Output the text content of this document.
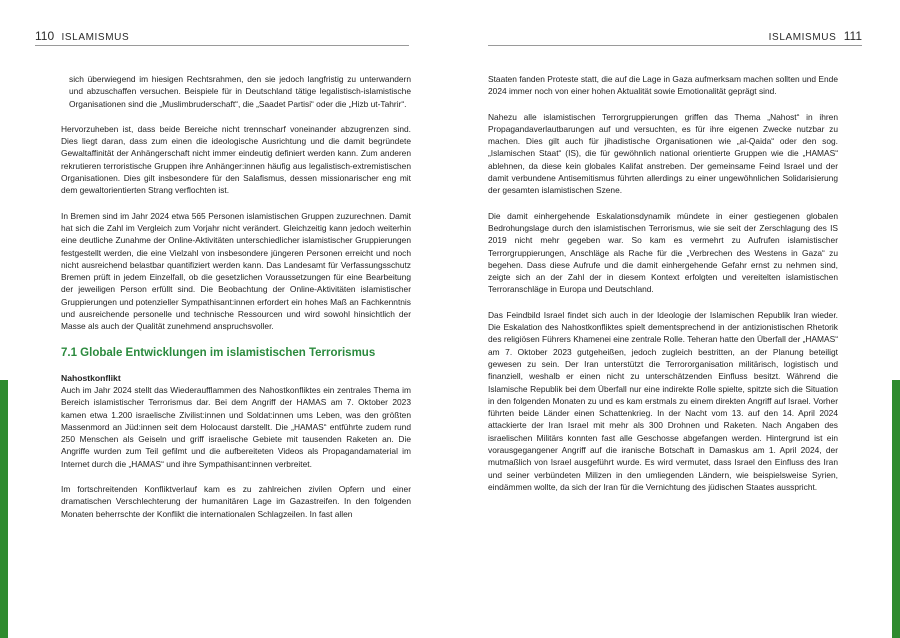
110 ISLAMISMUS

sich überwiegend im hiesigen Rechtsrahmen, den sie jedoch langfristig zu unterwandern und abzuschaffen versuchen. Beispiele für in Deutschland tätige legalistisch-islamistische Organisationen sind die „Muslimbruderschaft“, die „Saadet Partisi“ oder die „Hizb ut-Tahrir“.

Hervorzuheben ist, dass beide Bereiche nicht trennscharf voneinander abzugrenzen sind. Dies liegt daran, dass zum einen die ideologische Ausrichtung und die damit begründete Gewaltaffinität der Anhängerschaft nicht immer eindeutig definiert werden kann. Zum anderen rekrutieren terroristische Gruppen ihre Anhänger:innen häufig aus legalistisch-extremistischen Organisationen. Dies gilt insbesondere für den Salafismus, dessen missionarischer eng mit dem gewaltorientierten Strang verflochten ist.

In Bremen sind im Jahr 2024 etwa 565 Personen islamistischen Gruppen zuzurechnen. Damit hat sich die Zahl im Vergleich zum Vorjahr nicht verändert. Gleichzeitig kann jedoch weiterhin eine deutliche Zunahme der Online-Aktivitäten unterschiedlicher islamistischer Gruppierungen festgestellt werden, die eine Vielzahl von insbesondere jüngeren Personen erreicht und noch nicht ausreichend belastbar quantifiziert werden kann. Das Landesamt für Verfassungsschutz Bremen prüft in jedem Einzelfall, ob die gesetzlichen Voraussetzungen für eine Bearbeitung der jeweiligen Person erfüllt sind. Die Beobachtung der Online-Aktivitäten islamistischer Gruppierungen und potenzieller Sympathisant:innen erfordert ein hohes Maß an Fachkenntnis und ausreichende personelle und technische Ressourcen und wird sowohl hinsichtlich der Masse als auch der Qualität zunehmend anspruchsvoller.

7.1 Globale Entwicklungen im islamistischen Terrorismus
Nahostkonflikt

Auch im Jahr 2024 stellt das Wiederaufflammen des Nahostkonfliktes ein zentrales Thema im Bereich islamistischer Terrorismus dar. Bei dem Angriff der HAMAS am 7. Oktober 2023 kamen etwa 1.200 israelische Zivilist:innen und Soldat:innen ums Leben, was den größten Massenmord an Jüd:innen seit dem Holocaust darstellt. Die „HAMAS“ entführte zudem rund 250 Menschen als Geiseln und griff israelische Gebiete mit tausenden Raketen an. Die Angriffe wurden zum Teil gefilmt und die aufbereiteten Videos als Propagandamaterial im Internet durch die „HAMAS“ und ihre Sympathisant:innen verbreitet.

Im fortschreitenden Konfliktverlauf kam es zu zahlreichen zivilen Opfern und einer dramatischen Verschlechterung der humanitären Lage im Gazastreifen. In den folgenden Monaten beherrschte der Konflikt die internationalen Schlagzeilen. In fast allen

ISLAMISMUS 111

Staaten fanden Proteste statt, die auf die Lage in Gaza aufmerksam machen sollten und Ende 2024 immer noch von einer hohen Aktualität sowie Emotionalität geprägt sind.

Nahezu alle islamistischen Terrorgruppierungen griffen das Thema „Nahost“ in ihren Propagandaverlautbarungen auf und versuchten, es für ihre eigenen Zwecke nutzbar zu machen. Dies gilt auch für jihadistische Organisationen wie „al-Qaida“ oder den sog. „Islamischen Staat“ (IS), die für gewöhnlich national orientierte Gruppen wie die „HAMAS“ ablehnen, da diese kein globales Kalifat anstreben. Der gemeinsame Feind Israel und der damit verbundene Antisemitismus führten allerdings zu einer ungewöhnlichen Solidarisierung der gesamten islamistischen Szene.

Die damit einhergehende Eskalationsdynamik mündete in einer gestiegenen globalen Bedrohungslage durch den islamistischen Terrorismus, wie sie seit der Zerschlagung des IS 2019 nicht mehr gegeben war. So kam es vermehrt zu Aufrufen islamistischer Terrorgruppierungen, Anschläge als Rache für die „Verbrechen des Westens in Gaza“ zu begehen. Dass diese Aufrufe und die damit einhergehende Gefahr ernst zu nehmen sind, zeigte sich an der Zahl der in diesem Kontext erfolgten und vereitelten islamistischen Terroranschläge in Europa und Deutschland.

Das Feindbild Israel findet sich auch in der Ideologie der Islamischen Republik Iran wieder. Die Eskalation des Nahostkonfliktes spielt dementsprechend in der antizionistischen Rhetorik des religiösen Führers Khamenei eine zentrale Rolle. Teheran hatte den Überfall der „HAMAS“ am 7. Oktober 2023 gutgeheißen, jedoch zugleich bestritten, an der Planung beteiligt gewesen zu sein. Der Iran unterstützt die Terrororganisation militärisch, logistisch und finanziell, weshalb er einen nicht zu unterschätzenden Einfluss besitzt. Während die Islamische Republik bei dem Überfall nur eine indirekte Rolle spielte, spitzte sich die Situation in den folgenden Monaten zu und es kam erstmals zu einem direkten Angriff auf Israel. Vorher führten beide Länder einen Schattenkrieg. In der Nacht vom 13. auf den 14. April 2024 attackierte der Iran Israel mit mehr als 300 Drohnen und Raketen. Nach Angaben des israelischen Militärs konnten fast alle Geschosse abgefangen werden. Hintergrund ist ein vorausgegangener Angriff auf die iranische Botschaft in Damaskus am 1. April 2024, der mutmaßlich von Israel ausgeführt wurde. Es wird vermutet, dass Israel den Einfluss des Iran und seiner verbündeten Milizen in den umliegenden Ländern, wie beispielsweise Syrien, eindämmen wollte, da sich der Iran für die Vernichtung des jüdischen Staates ausspricht.
